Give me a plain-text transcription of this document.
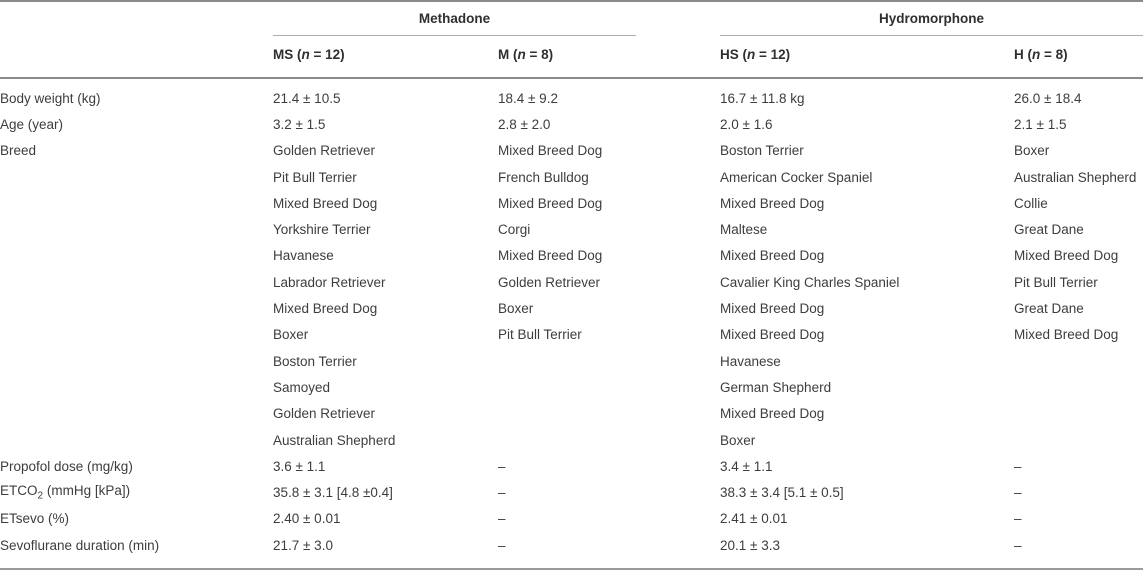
	Methadone		Hydromorphone	

	MS (n = 12)	M (n = 8)	HS (n = 12)	H (n = 8)
Body weight (kg)	21.4 ± 10.5	18.4 ± 9.2	16.7 ± 11.8 kg	26.0 ± 18.4
Age (year)	3.2 ± 1.5	2.8 ± 2.0	2.0 ± 1.6	2.1 ± 1.5
Breed	Golden Retriever	Mixed Breed Dog	Boston Terrier	Boxer
	Pit Bull Terrier	French Bulldog	American Cocker Spaniel	Australian Shepherd
	Mixed Breed Dog	Mixed Breed Dog	Mixed Breed Dog	Collie
	Yorkshire Terrier	Corgi	Maltese	Great Dane
	Havanese	Mixed Breed Dog	Mixed Breed Dog	Mixed Breed Dog
	Labrador Retriever	Golden Retriever	Cavalier King Charles Spaniel	Pit Bull Terrier
	Mixed Breed Dog	Boxer	Mixed Breed Dog	Great Dane
	Boxer	Pit Bull Terrier	Mixed Breed Dog	Mixed Breed Dog
	Boston Terrier		Havanese	
	Samoyed		German Shepherd	
	Golden Retriever		Mixed Breed Dog	
	Australian Shepherd		Boxer	
Propofol dose (mg/kg)	3.6 ± 1.1	–	3.4 ± 1.1	–
$ETCO_2$ (mmHg [kPa])	35.8 ± 3.1 [4.8 ±0.4]	–	38.3 ± 3.4 [5.1 ± 0.5]	–
ETsevo (%)	2.40 ± 0.01	–	2.41 ± 0.01	–
Sevoflurane duration (min)	21.7 ± 3.0	–	20.1 ± 3.3	–
